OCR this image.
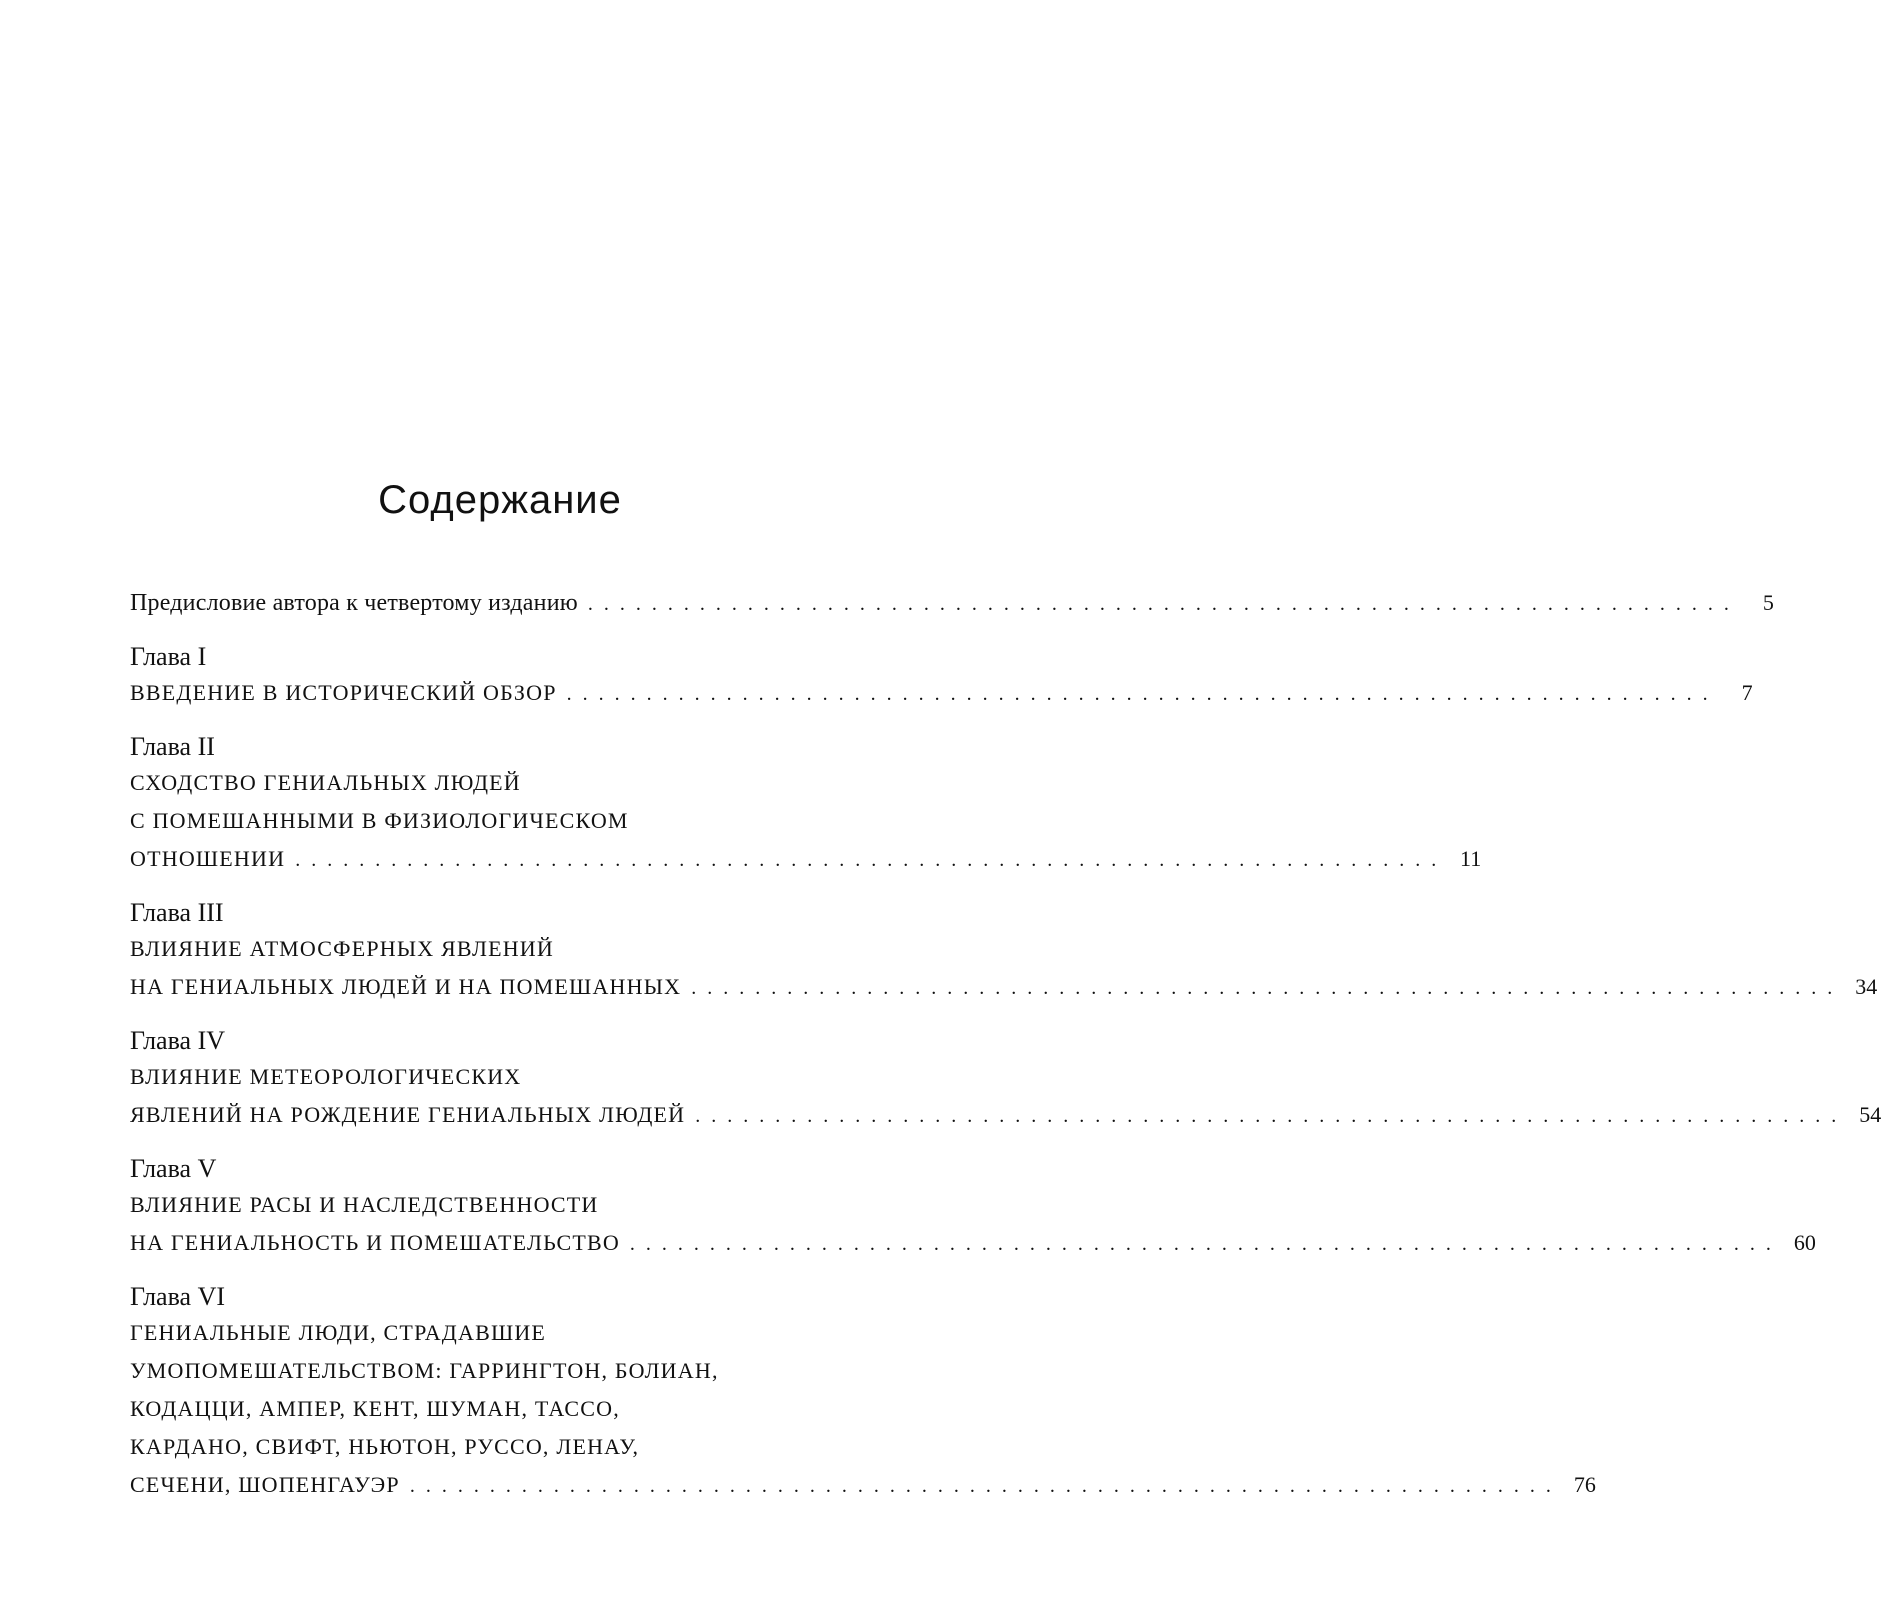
Содержание
Предисловие автора к четвертому изданию . . . . . . . . . . . . . . . . . . . . . . . . . . . . . . . . . . . . . . . . . . . . . . . . . . . . . . . . . . . . . . . . . . . . . . . .	5
Глава I
ВВЕДЕНИЕ В ИСТОРИЧЕСКИЙ ОБЗОР . . . . . . . . . . . . . . . . . . . . . . . . . . . . . . . . . . . . . . . . . . . . . . . . . . . . . . . . . . . . . . . . . . . . . . . .	7
Глава II
СХОДСТВО ГЕНИАЛЬНЫХ ЛЮДЕЙ
С ПОМЕШАННЫМИ В ФИЗИОЛОГИЧЕСКОМ
ОТНОШЕНИИ . . . . . . . . . . . . . . . . . . . . . . . . . . . . . . . . . . . . . . . . . . . . . . . . . . . . . . . . . . . . . . . . . . . . . . . . 11
Глава III
ВЛИЯНИЕ АТМОСФЕРНЫХ ЯВЛЕНИЙ
НА ГЕНИАЛЬНЫХ ЛЮДЕЙ И НА ПОМЕШАННЫХ . . . . . . . . . . . . . . . . . . . . . . . . . . . . . . . . . . . . . . . . . . . . . . . . . . . . . . . . . . . . . . . . . . . . . . . . 34
Глава IV
ВЛИЯНИЕ МЕТЕОРОЛОГИЧЕСКИХ
ЯВЛЕНИЙ НА РОЖДЕНИЕ ГЕНИАЛЬНЫХ ЛЮДЕЙ . . . . . . . . . . . . . . . . . . . . . . . . . . . . . . . . . . . . . . . . . . . . . . . . . . . . . . . . . . . . . . . . . . . . . . . . 54
Глава V
ВЛИЯНИЕ РАСЫ И НАСЛЕДСТВЕННОСТИ
НА ГЕНИАЛЬНОСТЬ И ПОМЕШАТЕЛЬСТВО . . . . . . . . . . . . . . . . . . . . . . . . . . . . . . . . . . . . . . . . . . . . . . . . . . . . . . . . . . . . . . . . . . . . . . . . 60
Глава VI
ГЕНИАЛЬНЫЕ ЛЮДИ, СТРАДАВШИЕ
УМОПОМЕШАТЕЛЬСТВОМ: ГАРРИНГТОН, БОЛИАН,
КОДАЦЦИ, АМПЕР, КЕНТ, ШУМАН, ТАССО,
КАРДАНО, СВИФТ, НЬЮТОН, РУССО, ЛЕНАУ,
СЕЧЕНИ, ШОПЕНГАУЭР . . . . . . . . . . . . . . . . . . . . . . . . . . . . . . . . . . . . . . . . . . . . . . . . . . . . . . . . . . . . . . . . . . . . . . . . 76
